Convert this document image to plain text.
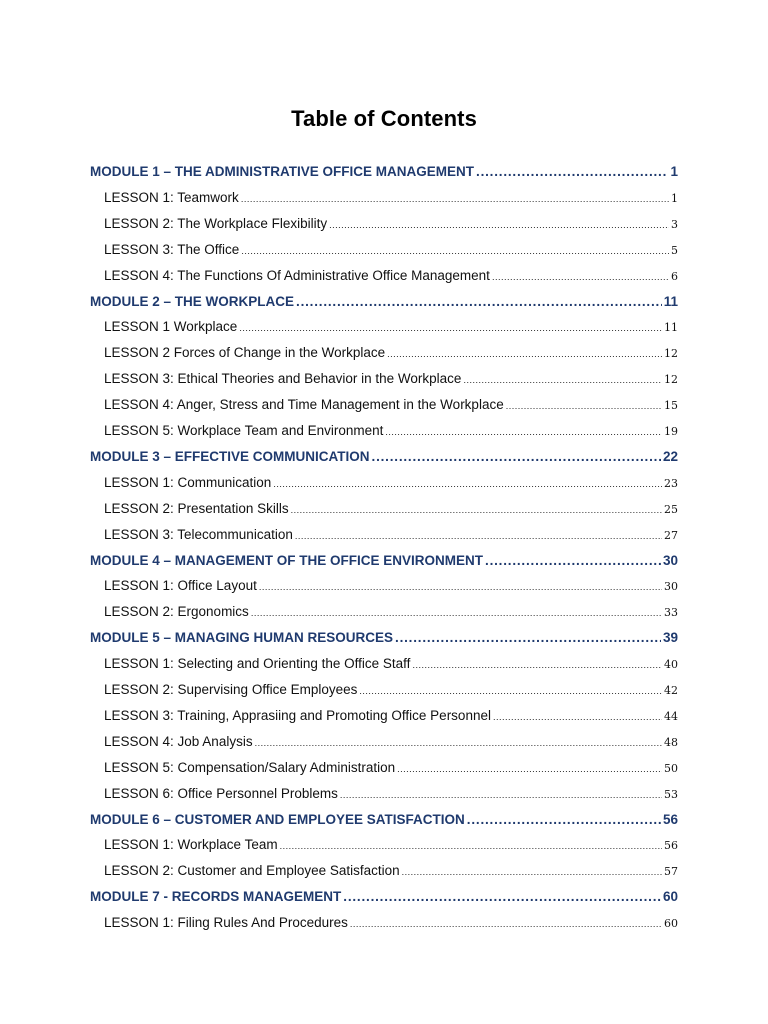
Table of Contents
MODULE 1 – THE ADMINISTRATIVE OFFICE MANAGEMENT .....	1
LESSON 1: Teamwork .....	1
LESSON 2: The Workplace Flexibility .....	3
LESSON 3: The Office .....	5
LESSON 4: The Functions Of Administrative Office Management .....	6
MODULE 2 – THE WORKPLACE .....	11
LESSON 1 Workplace .....	11
LESSON 2 Forces of Change in the Workplace .....	12
LESSON 3: Ethical Theories and Behavior in the Workplace .....	12
LESSON 4: Anger, Stress and Time Management in the Workplace .....	15
LESSON 5: Workplace Team and Environment .....	19
MODULE 3 – EFFECTIVE COMMUNICATION .....	22
LESSON 1: Communication .....	23
LESSON 2: Presentation Skills .....	25
LESSON 3: Telecommunication .....	27
MODULE 4 – MANAGEMENT OF THE OFFICE ENVIRONMENT .....	30
LESSON 1: Office Layout .....	30
LESSON 2: Ergonomics .....	33
MODULE 5 – MANAGING HUMAN RESOURCES .....	39
LESSON 1: Selecting and Orienting the Office Staff .....	40
LESSON 2: Supervising Office Employees .....	42
LESSON 3: Training, Apprasiing and Promoting Office Personnel .....	44
LESSON 4: Job Analysis .....	48
LESSON 5: Compensation/Salary Administration .....	50
LESSON 6: Office Personnel Problems .....	53
MODULE 6 – CUSTOMER AND EMPLOYEE SATISFACTION .....	56
LESSON 1: Workplace Team .....	56
LESSON 2: Customer and Employee Satisfaction .....	57
MODULE 7 - RECORDS MANAGEMENT .....	60
LESSON 1: Filing Rules And Procedures .....	60
